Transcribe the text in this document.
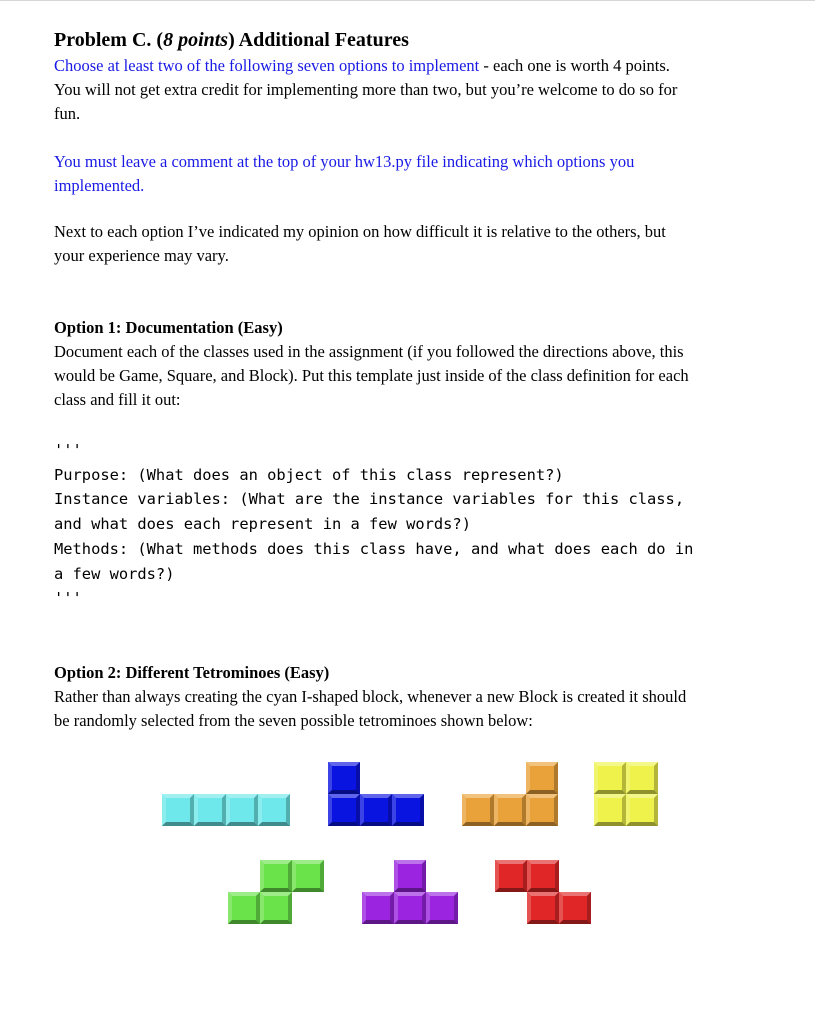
Problem C. (8 points) Additional Features

Choose at least two of the following seven options to implement - each one is worth 4 points.

You will not get extra credit for implementing more than two, but you’re welcome to do so for

fun.

You must leave a comment at the top of your hw13.py file indicating which options you

implemented.

Next to each option I’ve indicated my opinion on how difficult it is relative to the others, but

your experience may vary.

Option 1: Documentation (Easy)

Document each of the classes used in the assignment (if you followed the directions above, this

would be Game, Square, and Block). Put this template just inside of the class definition for each

class and fill it out:

'''
Purpose: (What does an object of this class represent?)
Instance variables: (What are the instance variables for this class,
and what does each represent in a few words?)
Methods: (What methods does this class have, and what does each do in
a few words?)
'''

Option 2: Different Tetrominoes (Easy)

Rather than always creating the cyan I-shaped block, whenever a new Block is created it should

be randomly selected from the seven possible tetrominoes shown below:
